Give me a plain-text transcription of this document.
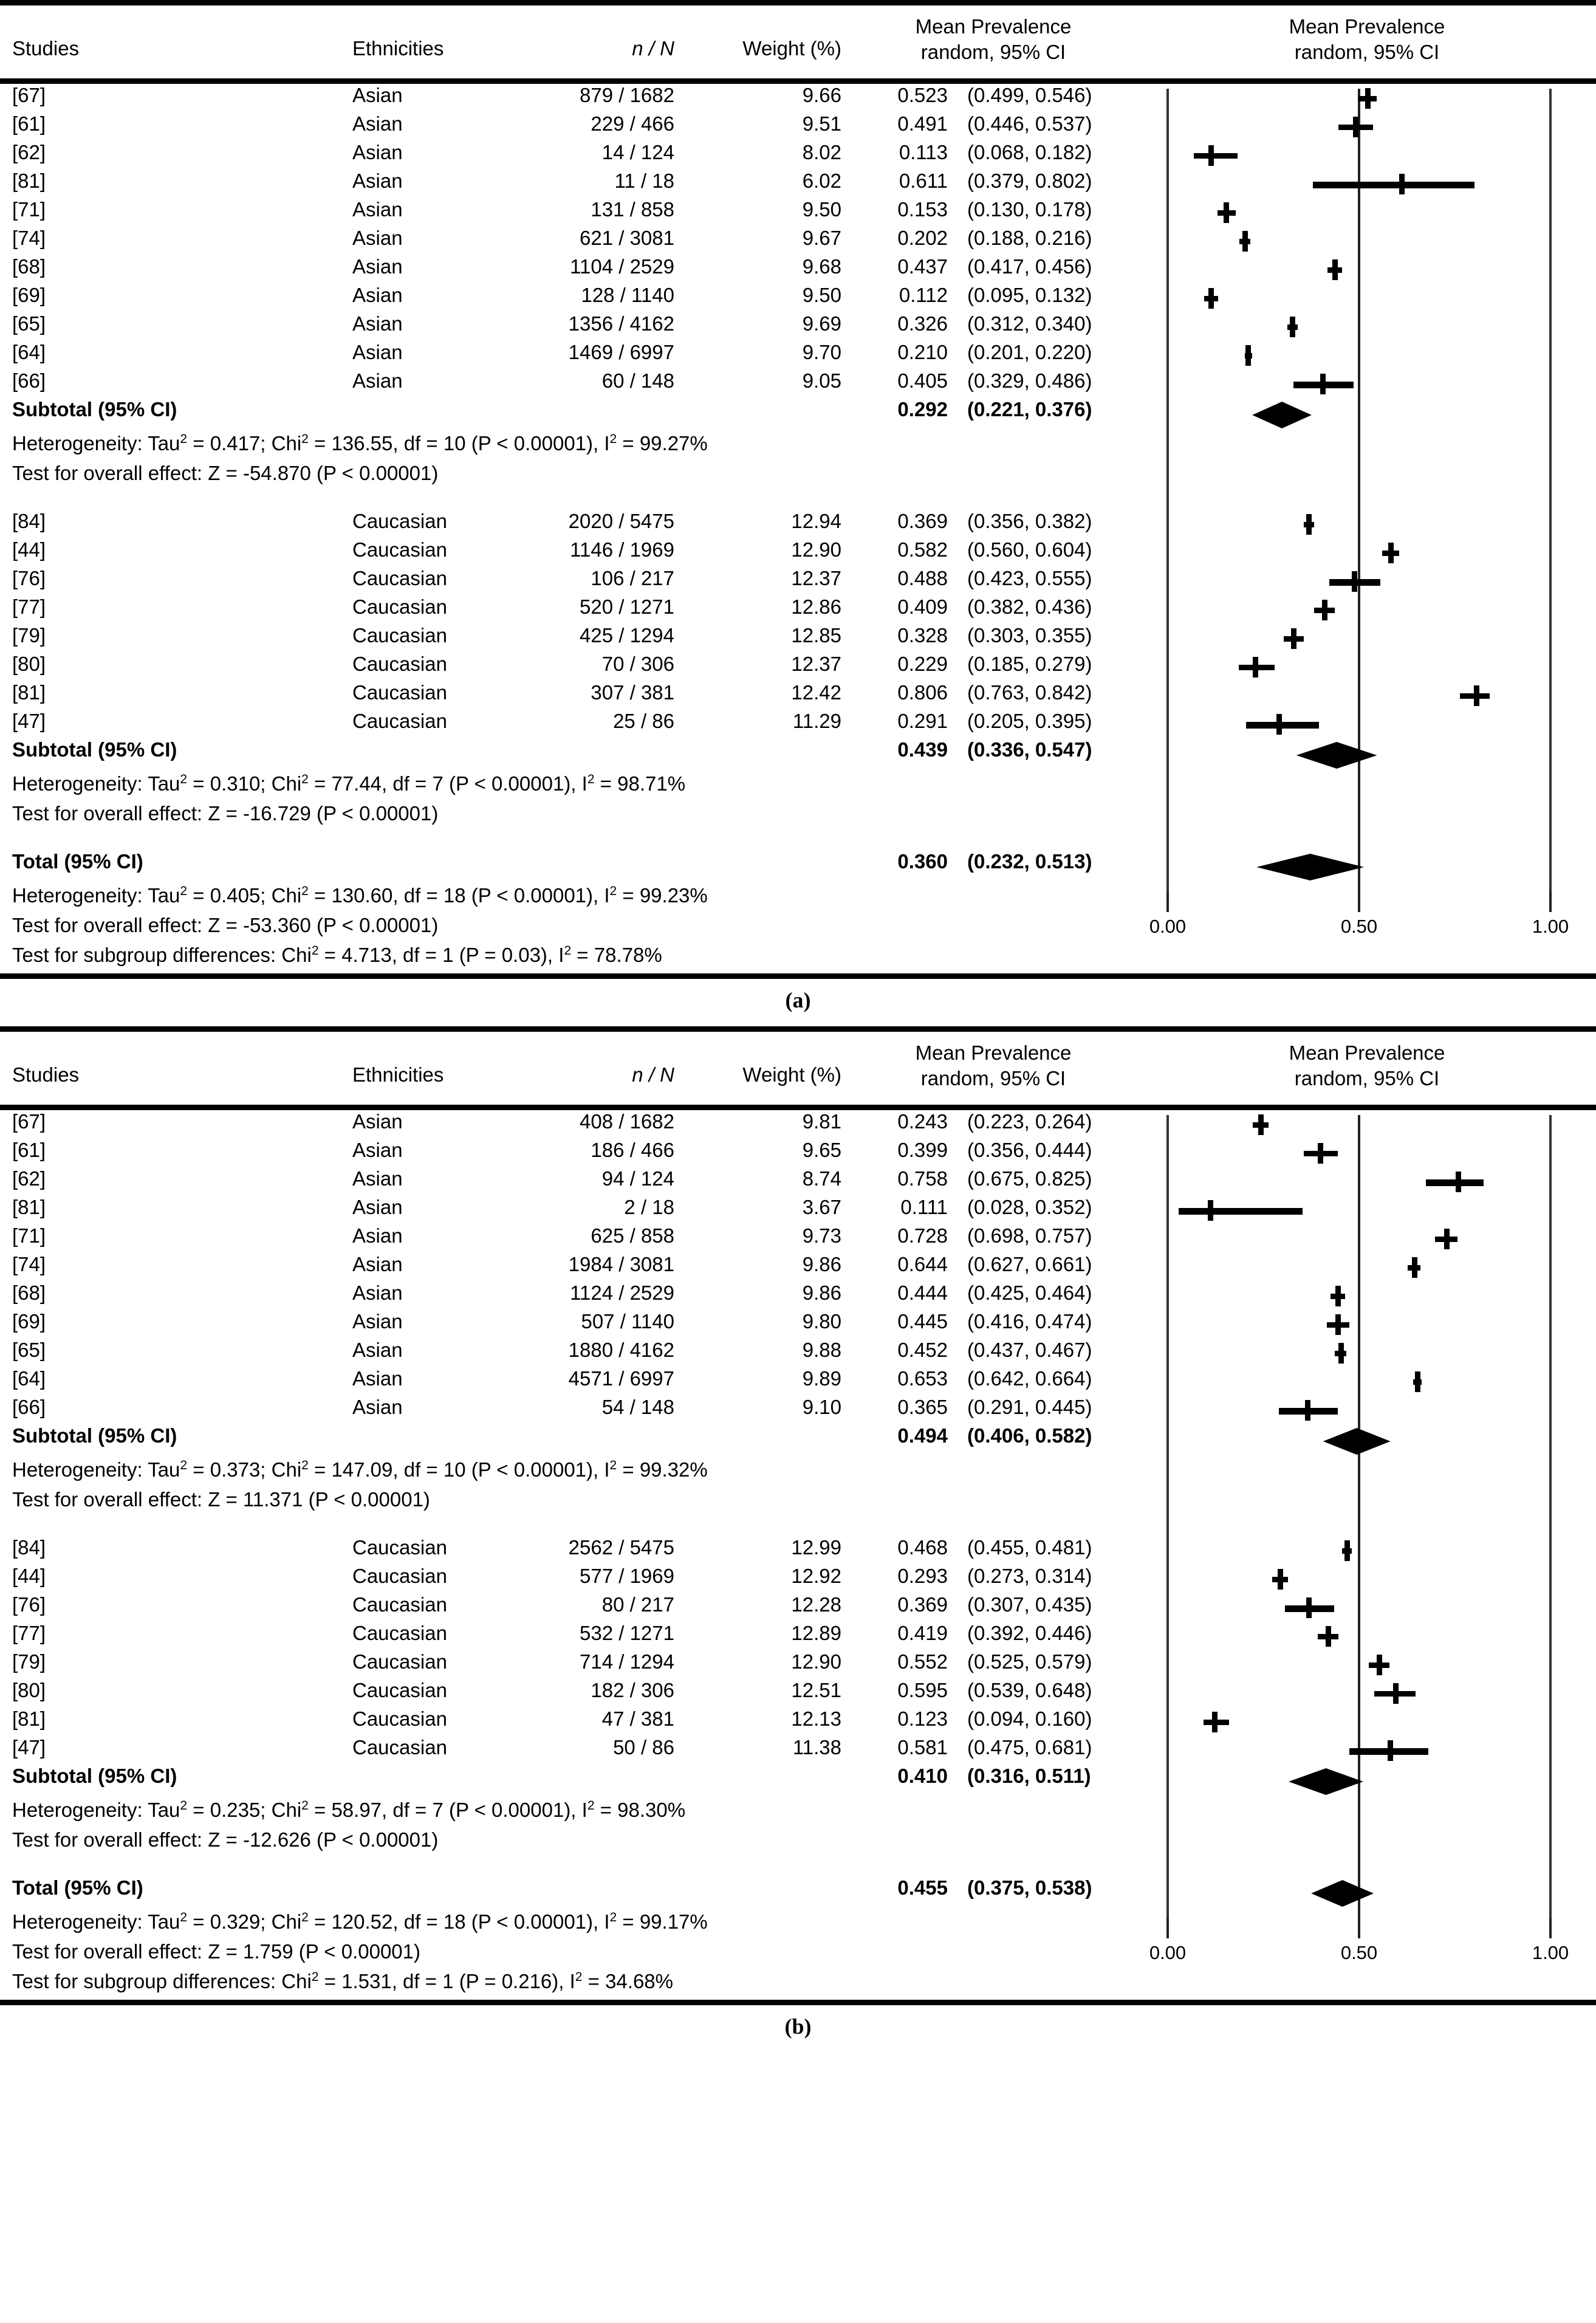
Studies	Ethnicities	n / N	Weight (%)
Mean Prevalence
random, 95% CI
Mean Prevalence
random, 95% CI
[67]	Asian	879 / 1682	9.66	0.523 (0.499, 0.546)
[61]	Asian	229 / 466	9.51	0.491 (0.446, 0.537)
[62]	Asian	14 / 124	8.02	0.113 (0.068, 0.182)
[81]	Asian	11 / 18	6.02	0.611 (0.379, 0.802)
[71]	Asian	131 / 858	9.50	0.153 (0.130, 0.178)
[74]	Asian	621 / 3081	9.67	0.202 (0.188, 0.216)
[68]	Asian	1104 / 2529	9.68	0.437 (0.417, 0.456)
[69]	Asian	128 / 1140	9.50	0.112 (0.095, 0.132)
[65]	Asian	1356 / 4162	9.69	0.326 (0.312, 0.340)
[64]	Asian	1469 / 6997	9.70	0.210 (0.201, 0.220)
[66]	Asian	60 / 148	9.05	0.405 (0.329, 0.486)
Subtotal (95% CI)	0.292 (0.221, 0.376)
Heterogeneity: Tau$^2$ = 0.417; Chi$^2$ = 136.55, df = 10 (P < 0.00001), $I^2 = 99.27\%$
Test for overall effect: Z = -54.870 (P < 0.00001)
[84]	Caucasian	2020 / 5475	12.94	0.369 (0.356, 0.382)
[44]	Caucasian	1146 / 1969	12.90	0.582 (0.560, 0.604)
[76]	Caucasian	106 / 217	12.37	0.488 (0.423, 0.555)
[77]	Caucasian	520 / 1271	12.86	0.409 (0.382, 0.436)
[79]	Caucasian	425 / 1294	12.85	0.328 (0.303, 0.355)
[80]	Caucasian	70 / 306	12.37	0.229 (0.185, 0.279)
[81]	Caucasian	307 / 381	12.42	0.806 (0.763, 0.842)
[47]	Caucasian	25 / 86	11.29	0.291 (0.205, 0.395)
Subtotal (95% CI)	0.439 (0.336, 0.547)
Heterogeneity: Tau$^2$ = 0.310; Chi$^2$ = 77.44, df = 7 (P < 0.00001), $I^2 = 98.71\%$
Test for overall effect: Z = -16.729 (P < 0.00001)
Total (95% CI)	0.360 (0.232, 0.513)
Heterogeneity: Tau$^2$ = 0.405; Chi$^2$ = 130.60, df = 18 (P < 0.00001), $I^2 = 99.23\%$
Test for overall effect: Z = -53.360 (P < 0.00001)
Test for subgroup differences: Chi$^2$ = 4.713, df = 1 (P = 0.03), $I^2 = 78.78\%$
0.00	0.50	1.00
(a)
Studies	Ethnicities	n / N	Weight (%)
Mean Prevalence
random, 95% CI
Mean Prevalence
random, 95% CI
[67]	Asian	408 / 1682	9.81	0.243 (0.223, 0.264)
[61]	Asian	186 / 466	9.65	0.399 (0.356, 0.444)
[62]	Asian	94 / 124	8.74	0.758 (0.675, 0.825)
[81]	Asian	2 / 18	3.67	0.111 (0.028, 0.352)
[71]	Asian	625 / 858	9.73	0.728 (0.698, 0.757)
[74]	Asian	1984 / 3081	9.86	0.644 (0.627, 0.661)
[68]	Asian	1124 / 2529	9.86	0.444 (0.425, 0.464)
[69]	Asian	507 / 1140	9.80	0.445 (0.416, 0.474)
[65]	Asian	1880 / 4162	9.88	0.452 (0.437, 0.467)
[64]	Asian	4571 / 6997	9.89	0.653 (0.642, 0.664)
[66]	Asian	54 / 148	9.10	0.365 (0.291, 0.445)
Subtotal (95% CI)	0.494 (0.406, 0.582)
Heterogeneity: Tau$^2$ = 0.373; Chi$^2$ = 147.09, df = 10 (P < 0.00001), $I^2 = 99.32\%$
Test for overall effect: Z = 11.371 (P < 0.00001)
[84]	Caucasian	2562 / 5475	12.99	0.468 (0.455, 0.481)
[44]	Caucasian	577 / 1969	12.92	0.293 (0.273, 0.314)
[76]	Caucasian	80 / 217	12.28	0.369 (0.307, 0.435)
[77]	Caucasian	532 / 1271	12.89	0.419 (0.392, 0.446)
[79]	Caucasian	714 / 1294	12.90	0.552 (0.525, 0.579)
[80]	Caucasian	182 / 306	12.51	0.595 (0.539, 0.648)
[81]	Caucasian	47 / 381	12.13	0.123 (0.094, 0.160)
[47]	Caucasian	50 / 86	11.38	0.581 (0.475, 0.681)
Subtotal (95% CI)	0.410 (0.316, 0.511)
Heterogeneity: Tau$^2$ = 0.235; Chi$^2$ = 58.97, df = 7 (P < 0.00001), $I^2 = 98.30\%$
Test for overall effect: Z = -12.626 (P < 0.00001)
Total (95% CI)	0.455 (0.375, 0.538)
Heterogeneity: Tau$^2$ = 0.329; Chi$^2$ = 120.52, df = 18 (P < 0.00001), $I^2 = 99.17\%$
Test for overall effect: Z = 1.759 (P < 0.00001)
Test for subgroup differences: Chi$^2$ = 1.531, df = 1 (P = 0.216), $I^2 = 34.68\%$
0.00	0.50	1.00
(b)
